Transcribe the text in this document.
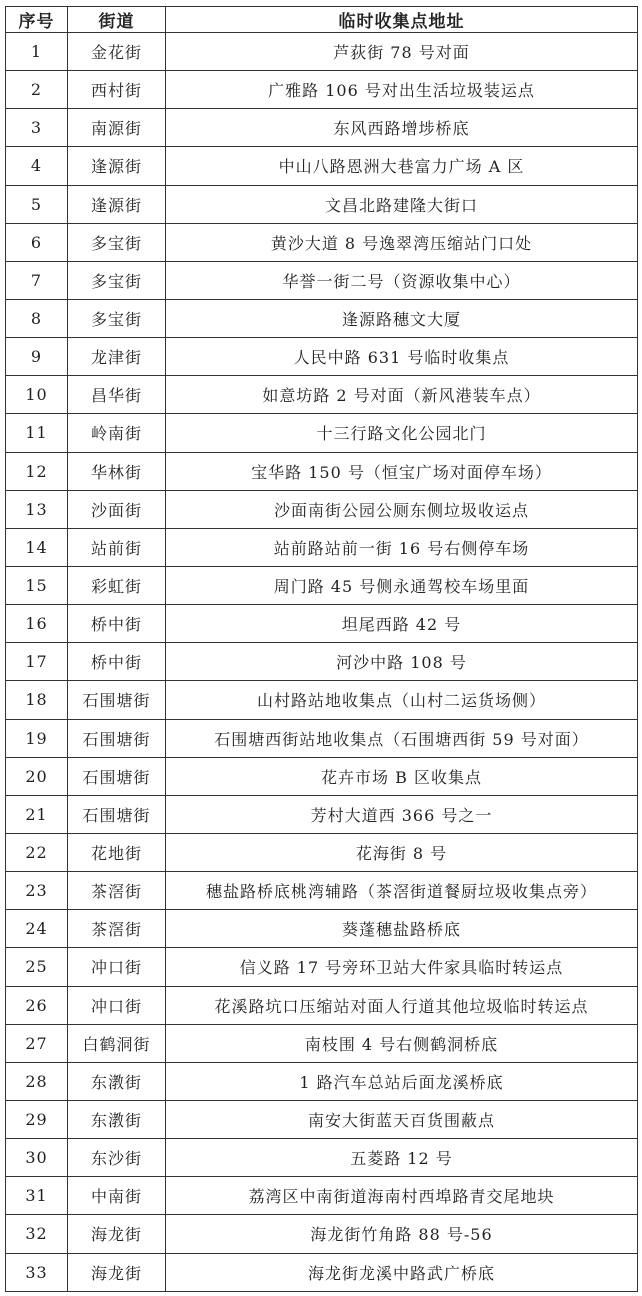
序号	街道	临时收集点地址
1	金花街	芦荻街 78 号对面
2	西村街	广雅路 106 号对出生活垃圾装运点
3	南源街	东风西路增埗桥底
4	逢源街	中山八路恩洲大巷富力广场 A 区
5	逢源街	文昌北路建隆大街口
6	多宝街	黄沙大道 8 号逸翠湾压缩站门口处
7	多宝街	华誉一街二号（资源收集中心）
8	多宝街	逢源路穗文大厦
9	龙津街	人民中路 631 号临时收集点
10	昌华街	如意坊路 2 号对面（新风港装车点）
11	岭南街	十三行路文化公园北门
12	华林街	宝华路 150 号（恒宝广场对面停车场）
13	沙面街	沙面南街公园公厕东侧垃圾收运点
14	站前街	站前路站前一街 16 号右侧停车场
15	彩虹街	周门路 45 号侧永通驾校车场里面
16	桥中街	坦尾西路 42 号
17	桥中街	河沙中路 108 号
18	石围塘街	山村路站地收集点（山村二运货场侧）
19	石围塘街	石围塘西街站地收集点（石围塘西街 59 号对面）
20	石围塘街	花卉市场 B 区收集点
21	石围塘街	芳村大道西 366 号之一
22	花地街	花海街 8 号
23	茶滘街	穗盐路桥底桃湾辅路（茶滘街道餐厨垃圾收集点旁）
24	茶滘街	葵蓬穗盐路桥底
25	冲口街	信义路 17 号旁环卫站大件家具临时转运点
26	冲口街	花溪路坑口压缩站对面人行道其他垃圾临时转运点
27	白鹤洞街	南枝围 4 号右侧鹤洞桥底
28	东漖街	1 路汽车总站后面龙溪桥底
29	东漖街	南安大街蓝天百货围蔽点
30	东沙街	五菱路 12 号
31	中南街	荔湾区中南街道海南村西埠路青交尾地块
32	海龙街	海龙街竹角路 88 号-56
33	海龙街	海龙街龙溪中路武广桥底
